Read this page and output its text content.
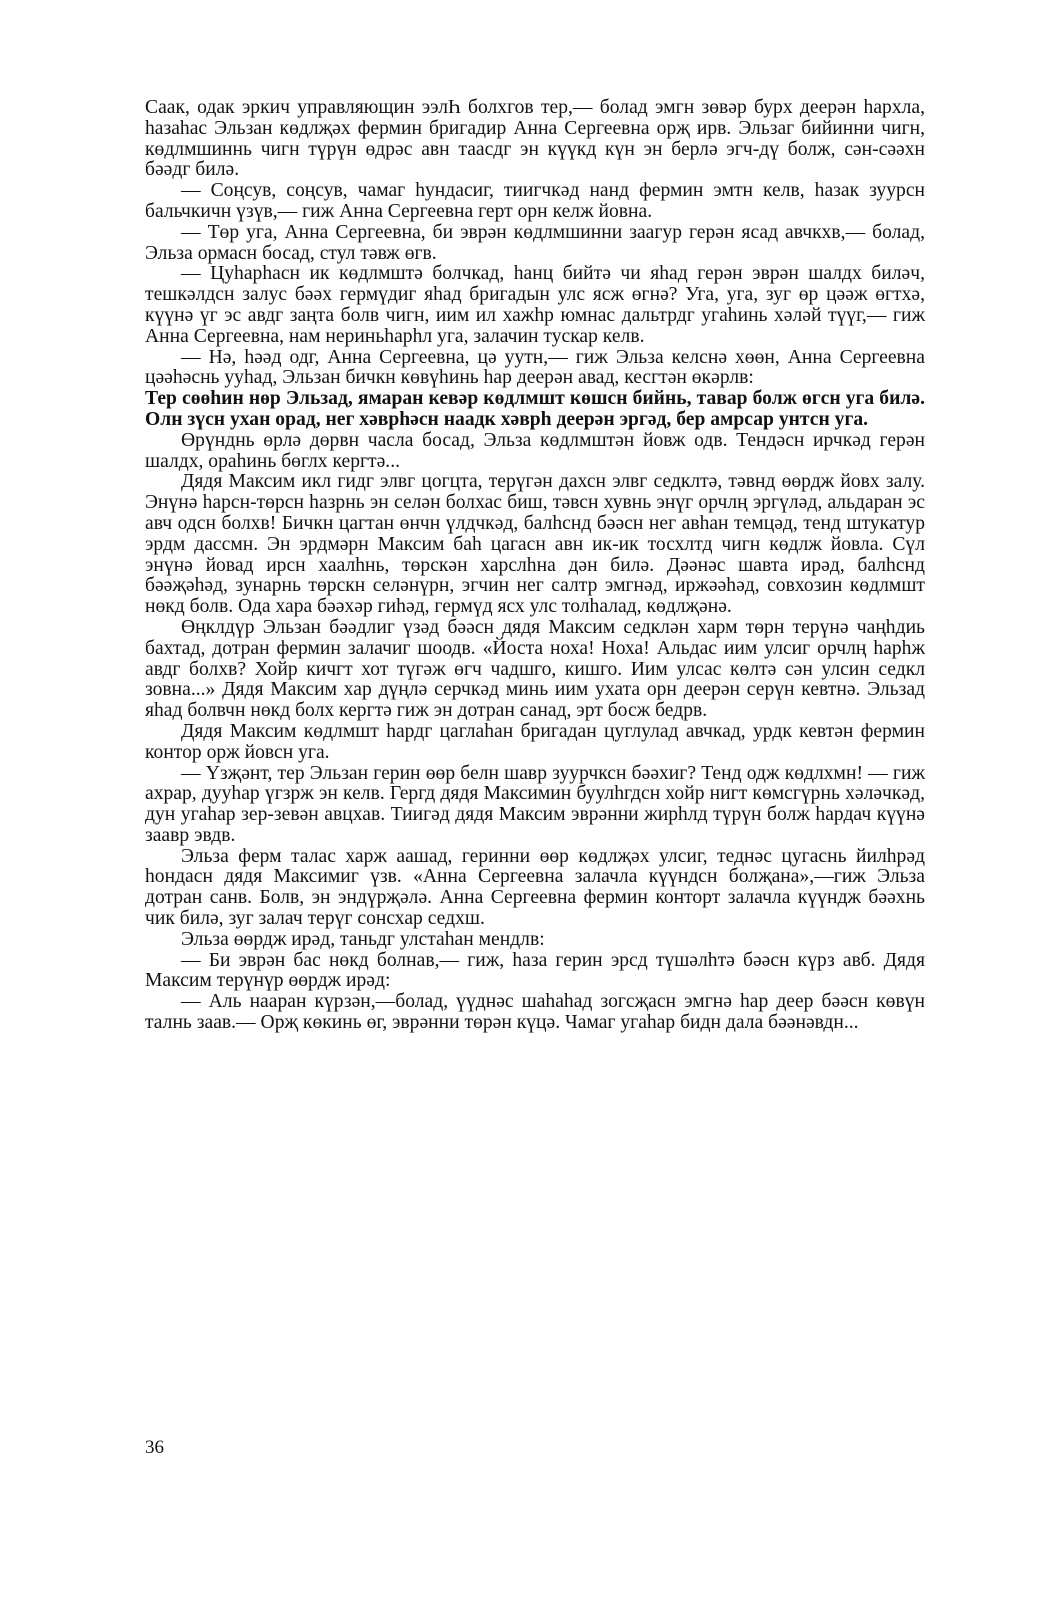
Саак, одак эркич управляющин ээлҺ болхгов тер,— болад эмгн зөвәр бурх деерән һархла, һазаһас Эльзан көдлҗәх фермин бригадир Анна Сергеевна орҗ ирв. Эльзаг бийинни чигн, көдлмшиннь чигн түрүн өдрәс авн таасдг эн күүкд күн эн берлә эгч-дү болж, сән-сәәхн бәәдг билә.

— Соңсув, соңсув, чамаг һундасиг, тиигчкәд нанд фермин эмтн келв, һазак зуурсн бальчкичн үзүв,— гиж Анна Сергеевна герт орн келж йовна.

— Төр уга, Анна Сергеевна, би эврән көдлмшинни заагур герән ясад авчкхв,— болад, Эльза ормасн босад, стул тәвж өгв.

— Цуһарһасн ик көдлмштә болчкад, һанц бийтә чи яһад герән эврән шалдх биләч, тешкәлдсн залус бәәх гермүдиг яһад бригадын улс ясж өгнә? Уга, уга, зуг өр цәәж өгтхә, күүнә үг эс авдг заңта болв чигн, иим ил хажһр юмнас дальтрдг угаһинь хәләй түүг,— гиж Анна Сергеевна, нам нериньһарһл уга, залачин тускар келв.

— Нә, һәәд одг, Анна Сергеевна, цә уутн,— гиж Эльза келснә хөөн, Анна Сергеевна цәәһәснь ууһад, Эльзан бичкн көвүһинь һар деерән авад, кесгтән өкәрлв:

Тер сөөһин нөр Эльзад, ямаран кевәр көдлмшт көшсн бийнь, тавар болж өгсн уга билә. Олн зүсн ухан орад, нег хәврһәсн наадк хәврһ деерән эргәд, бер амрсар унтсн уга.

Өрүнднь өрлә дөрвн часла босад, Эльза көдлмштән йовж одв. Тендәсн ирчкәд герән шалдх, ораһинь бөглх кергтә...

Дядя Максим икл гидг элвг цогцта, терүгән дахсн элвг седклтә, тәвнд өөрдж йовх залу. Энүнә һарсн-төрсн һазрнь эн селән болхас биш, тәвсн хувнь энүг орчлң эргүләд, альдаран эс авч одсн болхв! Бичкн цагтан өнчн үлдчкәд, балһснд бәәсн нег авһан темцәд, тенд штукатур эрдм дассмн. Эн эрдмәрн Максим баһ цагасн авн ик-ик тосхлтд чигн көдлж йовла. Сүл энүнә йовад ирсн хаалһнь, төрскән харслһна дән билә. Дәәнәс шавта ирәд, балһснд бәәҗәһәд, зунарнь төрскн селәнүрн, эгчин нег салтр эмгнәд, иржәәһәд, совхозин көдлмшт нөкд болв. Ода хара бәәхәр гиһәд, гермүд ясх улс толһалад, көдлҗәнә.

Өңклдүр Эльзан бәәдлиг үзәд бәәсн дядя Максим седклән харм төрн терүнә чаңһдиь бахтад, дотран фермин залачиг шоодв. «Йоста ноха! Ноха! Альдас иим улсиг орчлң һарһж авдг болхв? Хойр кичгт хот түгәж өгч чадшго, кишго. Иим улсас көлтә сән улсин седкл зовна...» Дядя Максим хар дүңлә серчкәд минь иим ухата орн деерән серүн кевтнә. Эльзад яһад болвчн нөкд болх кергтә гиж эн дотран санад, эрт босж бедрв.

Дядя Максим көдлмшт һардг цаглаһан бригадан цуглулад авчкад, урдк кевтән фермин контор орж йовсн уга.

— Үзҗәнт, тер Эльзан герин өөр белн шавр зуурчксн бәәхиг? Тенд одж көдлхмн! — гиж ахрар, дууһар үгзрж эн келв. Гергд дядя Максимин буулһгдсн хойр нигт көмсгүрнь хәләчкәд, дун угаһар зер-зевән авцхав. Тиигәд дядя Максим эврәнни жирһлд түрүн болж һардач күүнә заавр эвдв.

Эльза ферм талас харж аашад, геринни өөр көдлҗәх улсиг, теднәс цугаснь йилһрәд һондасн дядя Максимиг үзв. «Анна Сергеевна залачла күүндсн болҗана»,—гиж Эльза дотран санв. Болв, эн эндүрҗәлә. Анна Сергеевна фермин конторт залачла күүндж бәәхнь чик билә, зуг залач терүг сонсхар седхш.

Эльза өөрдж ирәд, таньдг улстаһан мендлв:

— Би эврән бас нөкд болнав,— гиж, һаза герин эрсд түшәлһтә бәәсн күрз авб. Дядя Максим терүнүр өөрдж ирәд:

— Аль нааран күрзән,—болад, үүднәс шаһаһад зогсҗасн эмгнә һар деер бәәсн көвүн талнь заав.— Орҗ көкинь өг, эврәнни төрән күцә. Чамаг угаһар бидн дала бәәнәвдн...

36
